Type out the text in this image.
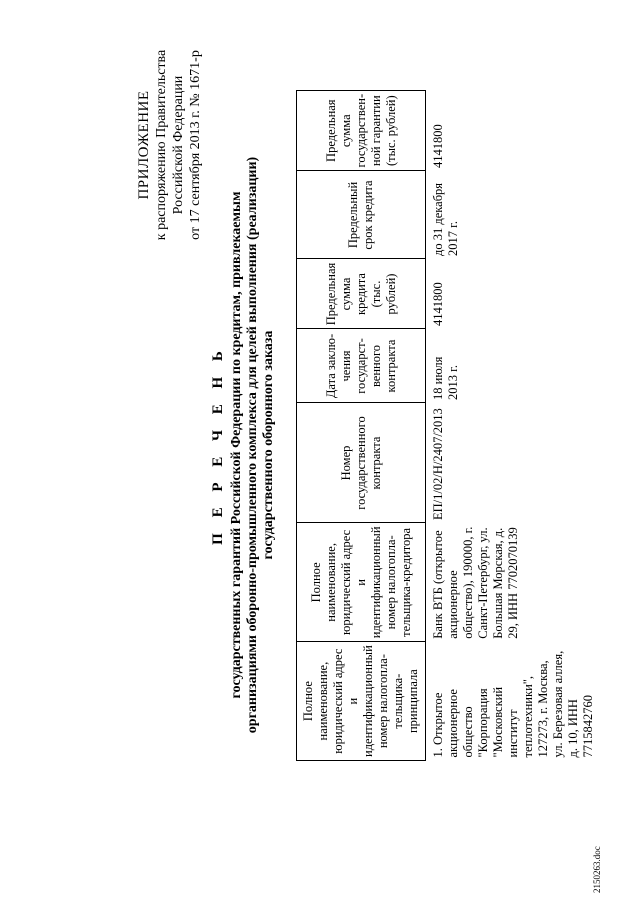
ПРИЛОЖЕНИЕ к распоряжению Правительства Российской Федерации от 17 сентября 2013 г. № 1671-р
П Е Р Е Ч Е Н Ь государственных гарантий Российской Федерации по кредитам, привлекаемым организациями оборонно-промышленного комплекса для целей выполнения (реализации) государственного оборонного заказа
Полное наименование, юридический адрес и идентификационный номер налогопла-тельщика-принципала	Полное наименование, юридический адрес и идентификационный номер налогопла-тельщика-кредитора	Номер государственного контракта	Дата заклю-чения государст-венного контракта	Предельная сумма кредита (тыс. рублей)	Предельный срок кредита	Предельная сумма государствен-ной гарантии (тыс. рублей)
1. Открытое акционерное общество "Корпорация "Московский институт теплотехники", 127273, г. Москва, ул. Березовая аллея, д. 10, ИНН 7715842760	Банк ВТБ (открытое акционерное общество), 190000, г. Санкт-Петербург, ул. Большая Морская, д. 29, ИНН 7702070139	ЕП/1/02/Н/2407/2013	18 июля 2013 г.	4141800	до 31 декабря 2017 г.	4141800
2150263.doc
